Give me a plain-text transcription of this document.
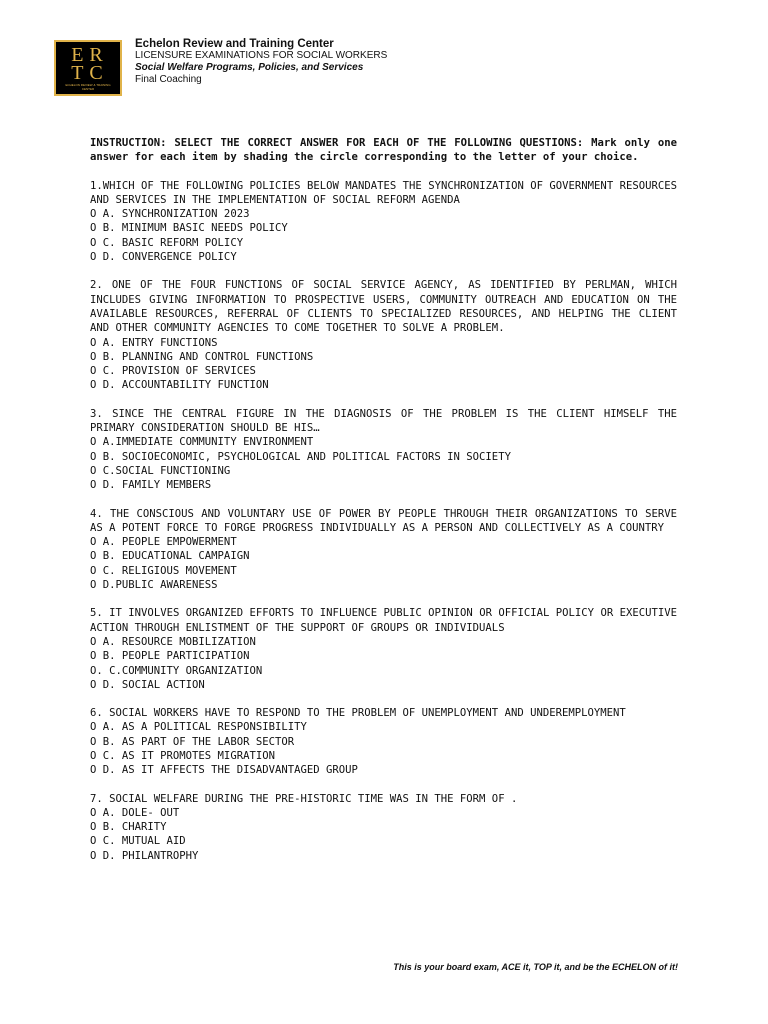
ER
TC
ECHELON REVIEW & TRAINING CENTER
Echelon Review and Training Center
LICENSURE EXAMINATIONS FOR SOCIAL WORKERS
Social Welfare Programs, Policies, and Services
Final Coaching
INSTRUCTION: SELECT THE CORRECT ANSWER FOR EACH OF THE FOLLOWING QUESTIONS: Mark only one answer for each item by shading the circle corresponding to the letter of your choice.
1.WHICH OF THE FOLLOWING POLICIES BELOW MANDATES THE SYNCHRONIZATION OF GOVERNMENT RESOURCES AND SERVICES IN THE IMPLEMENTATION OF SOCIAL REFORM AGENDA
O A. SYNCHRONIZATION 2023
O B. MINIMUM BASIC NEEDS POLICY
O C. BASIC REFORM POLICY
O D. CONVERGENCE POLICY
2. ONE OF THE FOUR FUNCTIONS OF SOCIAL SERVICE AGENCY, AS IDENTIFIED BY PERLMAN, WHICH INCLUDES GIVING INFORMATION TO PROSPECTIVE USERS, COMMUNITY OUTREACH AND EDUCATION ON THE AVAILABLE RESOURCES, REFERRAL OF CLIENTS TO SPECIALIZED RESOURCES, AND HELPING THE CLIENT AND OTHER COMMUNITY AGENCIES TO COME TOGETHER TO SOLVE A PROBLEM.
O A. ENTRY FUNCTIONS
O B. PLANNING AND CONTROL FUNCTIONS
O C. PROVISION OF SERVICES
O D. ACCOUNTABILITY FUNCTION
3. SINCE THE CENTRAL FIGURE IN THE DIAGNOSIS OF THE PROBLEM IS THE CLIENT HIMSELF THE PRIMARY CONSIDERATION SHOULD BE HIS…
O A.IMMEDIATE COMMUNITY ENVIRONMENT
O B. SOCIOECONOMIC, PSYCHOLOGICAL AND POLITICAL FACTORS IN SOCIETY
O C.SOCIAL FUNCTIONING
O D. FAMILY MEMBERS
4. THE CONSCIOUS AND VOLUNTARY USE OF POWER BY PEOPLE THROUGH THEIR ORGANIZATIONS TO SERVE AS A POTENT FORCE TO FORGE PROGRESS INDIVIDUALLY AS A PERSON AND COLLECTIVELY AS A COUNTRY
O A. PEOPLE EMPOWERMENT
O B. EDUCATIONAL CAMPAIGN
O C. RELIGIOUS MOVEMENT
O D.PUBLIC AWARENESS
5. IT INVOLVES ORGANIZED EFFORTS TO INFLUENCE PUBLIC OPINION OR OFFICIAL POLICY OR EXECUTIVE ACTION THROUGH ENLISTMENT OF THE SUPPORT OF GROUPS OR INDIVIDUALS
O A. RESOURCE MOBILIZATION
O B. PEOPLE PARTICIPATION
O. C.COMMUNITY ORGANIZATION
O D. SOCIAL ACTION
6. SOCIAL WORKERS HAVE TO RESPOND TO THE PROBLEM OF UNEMPLOYMENT AND UNDEREMPLOYMENT
O A. AS A POLITICAL RESPONSIBILITY
O B. AS PART OF THE LABOR SECTOR
O C. AS IT PROMOTES MIGRATION
O D. AS IT AFFECTS THE DISADVANTAGED GROUP
7. SOCIAL WELFARE DURING THE PRE-HISTORIC TIME WAS IN THE FORM OF .
O A. DOLE- OUT
O B. CHARITY
O C. MUTUAL AID
O D. PHILANTROPHY
This is your board exam, ACE it, TOP it, and be the ECHELON of it!
